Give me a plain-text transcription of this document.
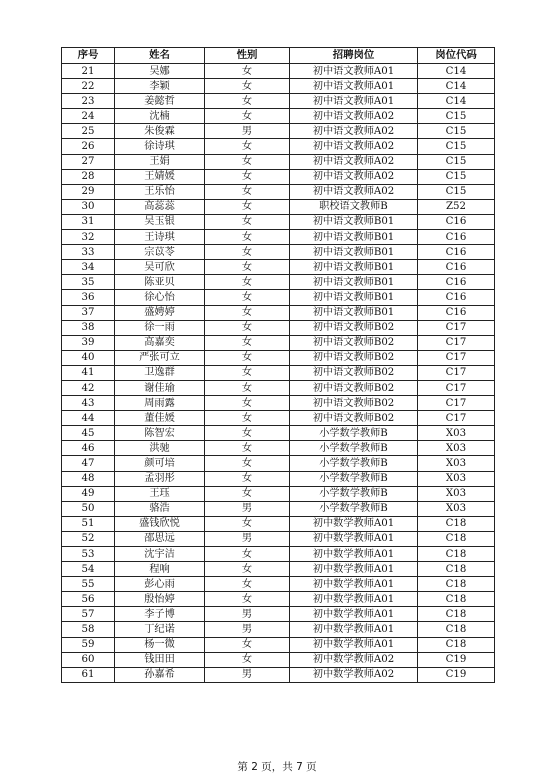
序号	姓名	性别	招聘岗位	岗位代码
21	吴娜	女	初中语文教师A01	C14
22	李颖	女	初中语文教师A01	C14
23	姜懿哲	女	初中语文教师A01	C14
24	沈楠	女	初中语文教师A02	C15
25	朱俊霖	男	初中语文教师A02	C15
26	徐诗琪	女	初中语文教师A02	C15
27	王娟	女	初中语文教师A02	C15
28	王婧媛	女	初中语文教师A02	C15
29	王乐怡	女	初中语文教师A02	C15
30	高蕊蕊	女	职校语文教师B	Z52
31	吴玉银	女	初中语文教师B01	C16
32	王诗琪	女	初中语文教师B01	C16
33	宗苡苓	女	初中语文教师B01	C16
34	吴可欣	女	初中语文教师B01	C16
35	陈亚贝	女	初中语文教师B01	C16
36	徐心怡	女	初中语文教师B01	C16
37	盛娉婷	女	初中语文教师B01	C16
38	徐一雨	女	初中语文教师B02	C17
39	高嘉奕	女	初中语文教师B02	C17
40	严张可立	女	初中语文教师B02	C17
41	卫逸群	女	初中语文教师B02	C17
42	谢佳瑜	女	初中语文教师B02	C17
43	周雨露	女	初中语文教师B02	C17
44	董佳媛	女	初中语文教师B02	C17
45	陈智宏	女	小学数学教师B	X03
46	洪驰	女	小学数学教师B	X03
47	颜可培	女	小学数学教师B	X03
48	孟羽彤	女	小学数学教师B	X03
49	王珏	女	小学数学教师B	X03
50	骆浩	男	小学数学教师B	X03
51	盛钱欣悦	女	初中数学教师A01	C18
52	邵思远	男	初中数学教师A01	C18
53	沈宇洁	女	初中数学教师A01	C18
54	程响	女	初中数学教师A01	C18
55	彭心雨	女	初中数学教师A01	C18
56	殷怡婷	女	初中数学教师A01	C18
57	李子博	男	初中数学教师A01	C18
58	丁纪诺	男	初中数学教师A01	C18
59	杨一微	女	初中数学教师A01	C18
60	钱田田	女	初中数学教师A02	C19
61	孙嘉希	男	初中数学教师A02	C19
第 2 页，共 7 页
